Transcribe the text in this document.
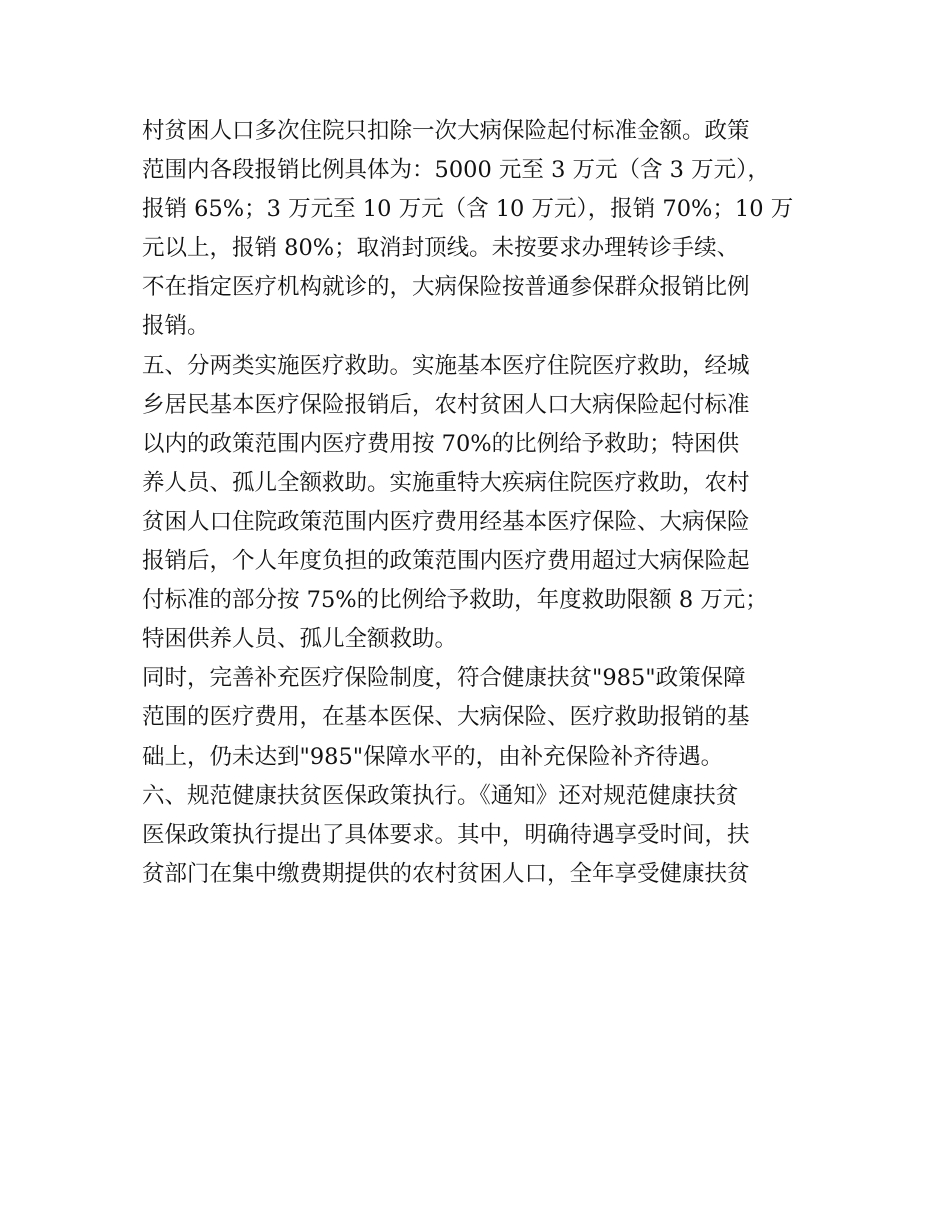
村贫困人口多次住院只扣除一次大病保险起付标准金额。政策
范围内各段报销比例具体为：5000 元至 3 万元（含 3 万元），
报销 65%；3 万元至 10 万元（含 10 万元），报销 70%；10 万
元以上，报销 80%；取消封顶线。未按要求办理转诊手续、
不在指定医疗机构就诊的，大病保险按普通参保群众报销比例
报销。
五、分两类实施医疗救助。实施基本医疗住院医疗救助，经城
乡居民基本医疗保险报销后，农村贫困人口大病保险起付标准
以内的政策范围内医疗费用按 70%的比例给予救助；特困供
养人员、孤儿全额救助。实施重特大疾病住院医疗救助，农村
贫困人口住院政策范围内医疗费用经基本医疗保险、大病保险
报销后，个人年度负担的政策范围内医疗费用超过大病保险起
付标准的部分按 75%的比例给予救助，年度救助限额 8 万元；
特困供养人员、孤儿全额救助。
同时，完善补充医疗保险制度，符合健康扶贫"985"政策保障
范围的医疗费用，在基本医保、大病保险、医疗救助报销的基
础上，仍未达到"985"保障水平的，由补充保险补齐待遇。
六、规范健康扶贫医保政策执行。《通知》还对规范健康扶贫
医保政策执行提出了具体要求。其中，明确待遇享受时间，扶
贫部门在集中缴费期提供的农村贫困人口，全年享受健康扶贫
